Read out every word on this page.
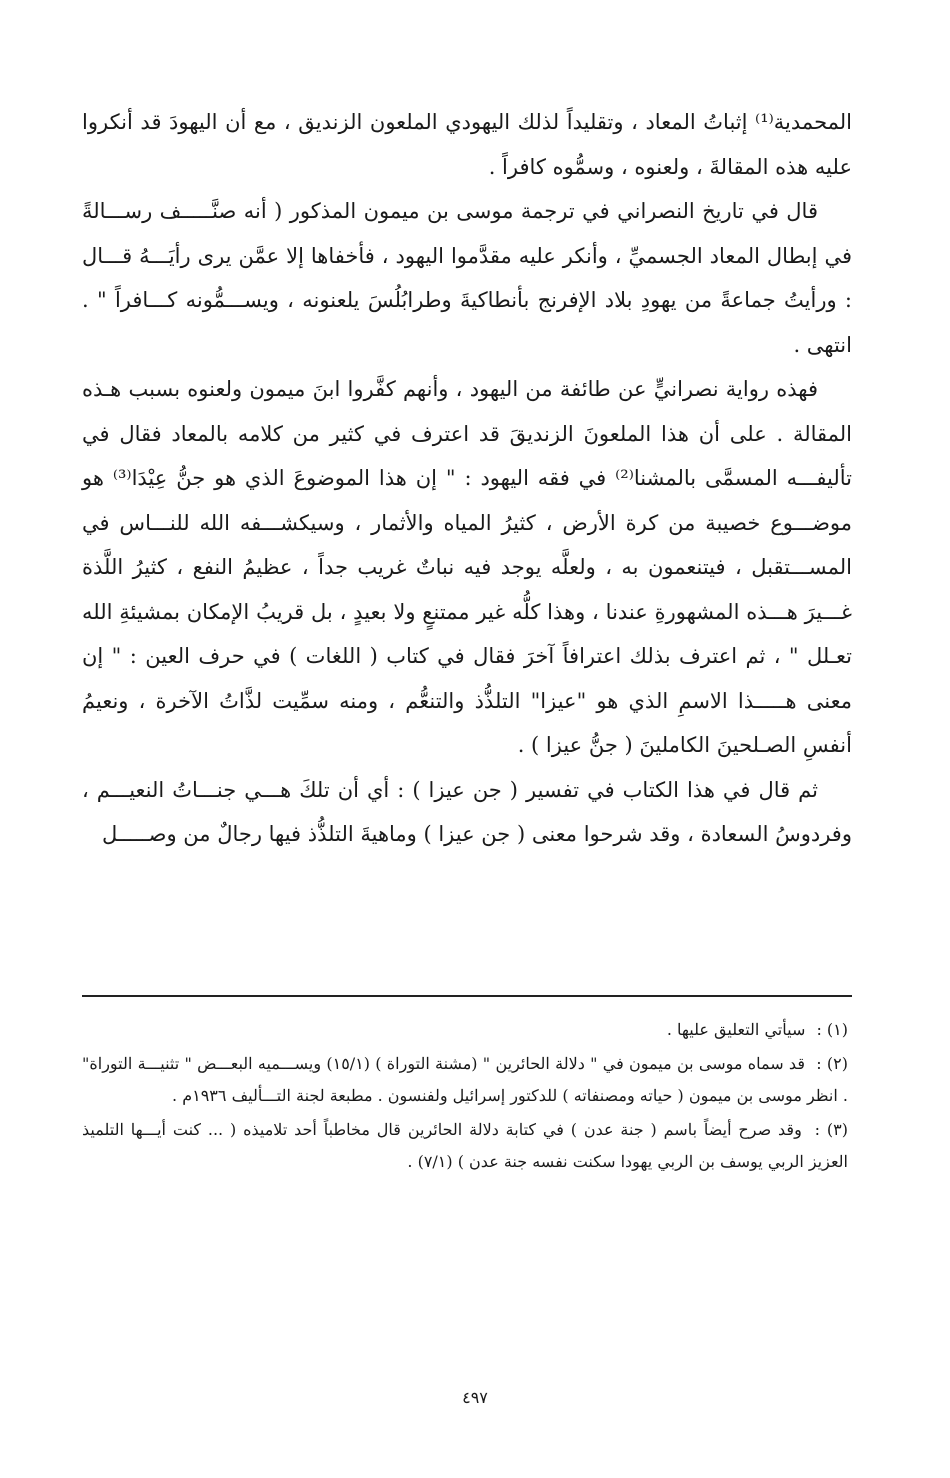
المحمدية⁽¹⁾ إثباتُ المعاد ، وتقليداً لذلك اليهودي الملعون الزنديق ، مع أن اليهودَ قد أنكروا عليه هذه المقالةَ ، ولعنوه ، وسمُّوه كافراً .

قال في تاريخ النصراني في ترجمة موسى بن ميمون المذكور ( أنه صنَّـــــف رســـالةً في إبطال المعاد الجسميِّ ، وأنكر عليه مقدَّموا اليهود ، فأخفاها إلا عمَّن يرى رأيَـــهُ قـــال : ورأيتُ جماعةً من يهودِ بلاد الإفرنج بأنطاكيةَ وطرابُلُسَ يلعنونه ، ويســـمُّونه كـــافراً " . انتهى .

فهذه رواية نصرانيٍّ عن طائفة من اليهود ، وأنهم كفَّروا ابنَ ميمون ولعنوه بسبب هـذه المقالة . على أن هذا الملعونَ الزنديقَ قد اعترف في كثير من كلامه بالمعاد فقال في تأليفـــه المسمَّى بالمشنا⁽²⁾ في فقه اليهود : " إن هذا الموضوعَ الذي هو جنُّ عِيْدَا⁽³⁾ هو موضـــوع خصيبة من كرة الأرض ، كثيرُ المياه والأثمار ، وسيكشـــفه الله للنـــاس في المســـتقبل ، فيتنعمون به ، ولعلَّه يوجد فيه نباتٌ غريب جداً ، عظيمُ النفع ، كثيرُ اللَّذة غـــيرَ هـــذه المشهورةِ عندنا ، وهذا كلُّه غير ممتنعٍ ولا بعيدٍ ، بل قريبُ الإمكان بمشيئةِ الله تعـلل " ، ثم اعترف بذلك اعترافاً آخرَ فقال في كتاب ( اللغات ) في حرف العين : " إن معنى هـــــذا الاسمِ الذي هو "عيزا" التلذُّذ والتنعُّم ، ومنه سمِّيت لذَّاتُ الآخرة ، ونعيمُ أنفسِ الصـلحينَ الكاملينَ ( جنُّ عيزا ) .

ثم قال في هذا الكتاب في تفسير ( جن عيزا ) : أي أن تلكَ هـــي جنـــاتُ النعيـــم ، وفردوسُ السعادة ، وقد شرحوا معنى ( جن عيزا ) وماهيةَ التلذُّذ فيها رجالٌ من وصـــــل

(١) : سيأتي التعليق عليها .

(٢) : قد سماه موسى بن ميمون في " دلالة الحائرين " (مشنة التوراة ) (١٥/١) ويســـميه البعـــض " تثنيـــة التوراة" . انظر موسى بن ميمون ( حياته ومصنفاته ) للدكتور إسرائيل ولفنسون . مطبعة لجنة التـــأليف ١٩٣٦م .

(٣) : وقد صرح أيضاً باسم ( جنة عدن ) في كتابة دلالة الحائرين قال مخاطباً أحد تلاميذه ( ... كنت أيـــها التلميذ العزيز الربي يوسف بن الربي يهودا سكنت نفسه جنة عدن ) (٧/١) .

٤٩٧
